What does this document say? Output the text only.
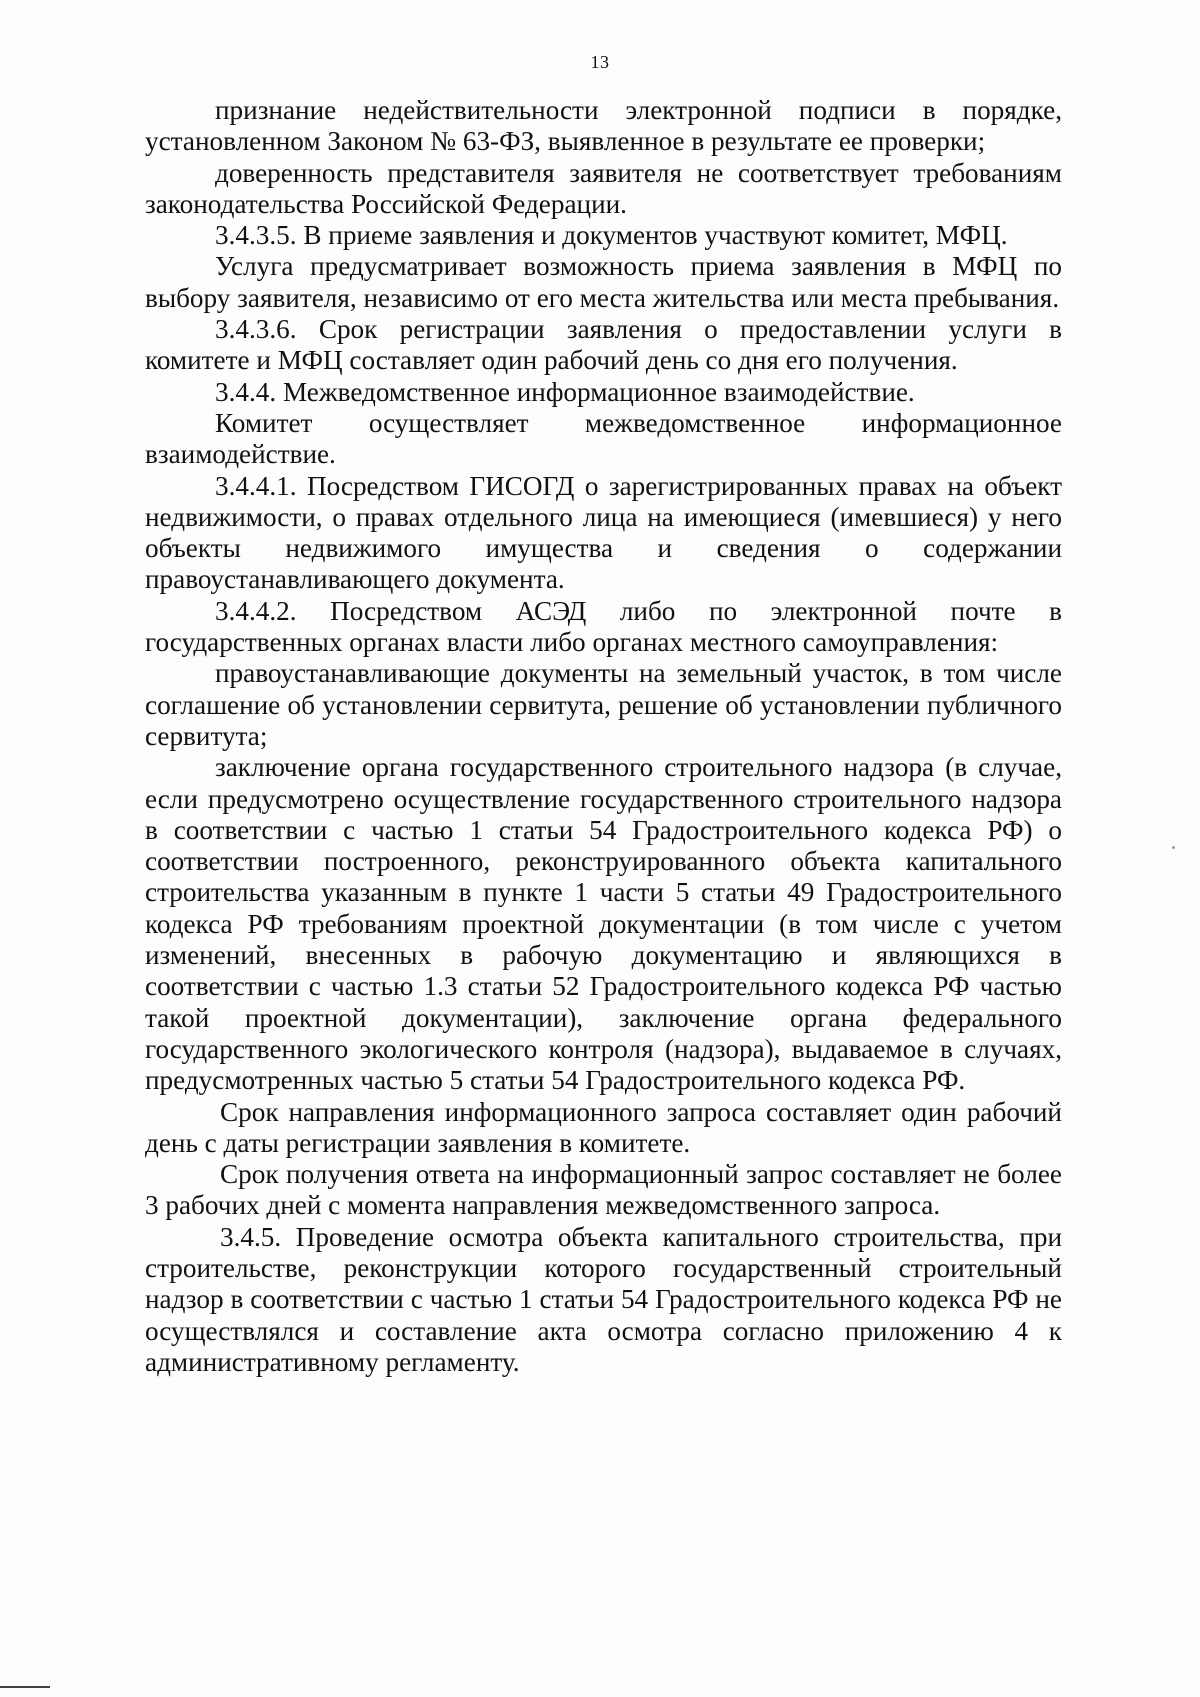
13

признание недействительности электронной подписи в порядке, установленном Законом № 63-ФЗ, выявленное в результате ее проверки;

доверенность представителя заявителя не соответствует требованиям законодательства Российской Федерации.

3.4.3.5. В приеме заявления и документов участвуют комитет, МФЦ.

Услуга предусматривает возможность приема заявления в МФЦ по выбору заявителя, независимо от его места жительства или места пребывания.

3.4.3.6. Срок регистрации заявления о предоставлении услуги в комитете и МФЦ составляет один рабочий день со дня его получения.

3.4.4. Межведомственное информационное взаимодействие.

Комитет осуществляет межведомственное информационное взаимодействие.

3.4.4.1. Посредством ГИСОГД о зарегистрированных правах на объект недвижимости, о правах отдельного лица на имеющиеся (имевшиеся) у него объекты недвижимого имущества и сведения о содержании правоустанавливающего документа.

3.4.4.2. Посредством АСЭД либо по электронной почте в государственных органах власти либо органах местного самоуправления:

правоустанавливающие документы на земельный участок, в том числе соглашение об установлении сервитута, решение об установлении публичного сервитута;

заключение органа государственного строительного надзора (в случае, если предусмотрено осуществление государственного строительного надзора в соответствии с частью 1 статьи 54 Градостроительного кодекса РФ) о соответствии построенного, реконструированного объекта капитального строительства указанным в пункте 1 части 5 статьи 49 Градостроительного кодекса РФ требованиям проектной документации (в том числе с учетом изменений, внесенных в рабочую документацию и являющихся в соответствии с частью 1.3 статьи 52 Градостроительного кодекса РФ частью такой проектной документации), заключение органа федерального государственного экологического контроля (надзора), выдаваемое в случаях, предусмотренных частью 5 статьи 54 Градостроительного кодекса РФ.

Срок направления информационного запроса составляет один рабочий день с даты регистрации заявления в комитете.

Срок получения ответа на информационный запрос составляет не более 3 рабочих дней с момента направления межведомственного запроса.

3.4.5. Проведение осмотра объекта капитального строительства, при строительстве, реконструкции которого государственный строительный надзор в соответствии с частью 1 статьи 54 Градостроительного кодекса РФ не осуществлялся и составление акта осмотра согласно приложению 4 к административному регламенту.
